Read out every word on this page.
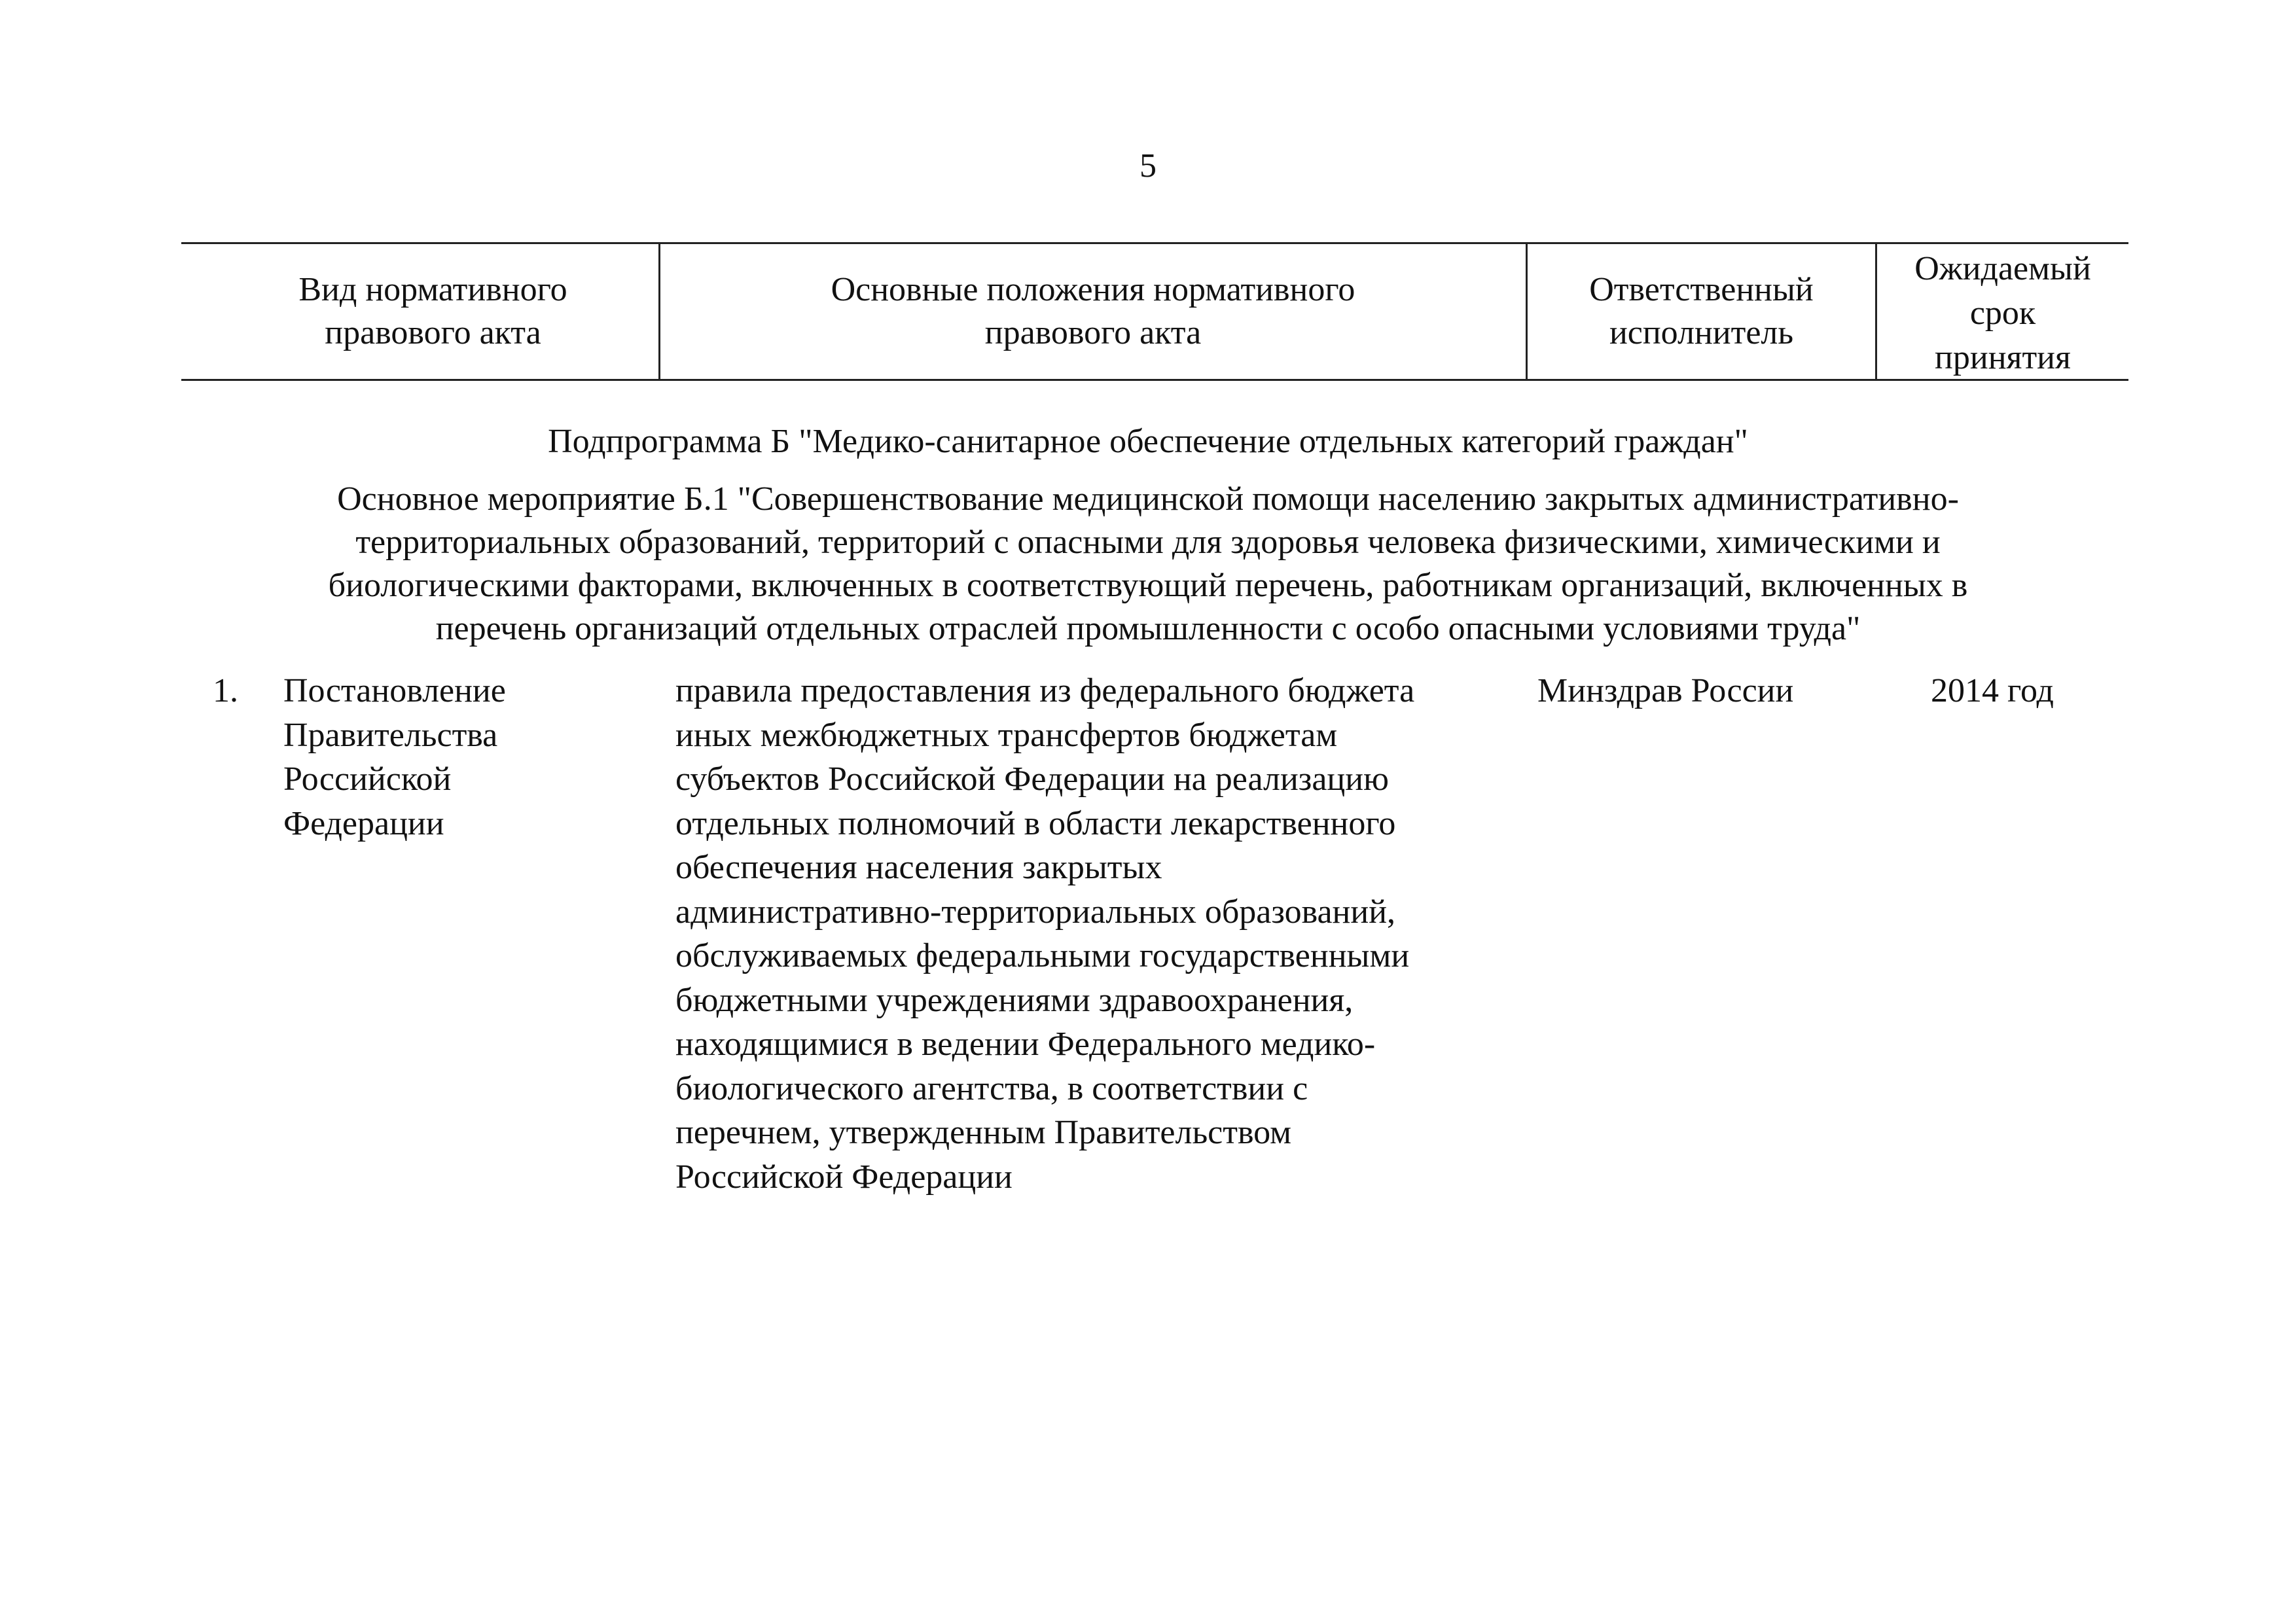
5
Вид нормативного
правового акта
Основные положения нормативного
правового акта
Ответственный
исполнитель
Ожидаемый
срок
принятия
Подпрограмма Б "Медико-санитарное обеспечение отдельных категорий граждан"
Основное мероприятие Б.1 "Совершенствование медицинской помощи населению закрытых административно-
территориальных образований, территорий с опасными для здоровья человека физическими, химическими и
биологическими факторами, включенных в соответствующий перечень, работникам организаций, включенных в
перечень организаций отдельных отраслей промышленности с особо опасными условиями труда"
1. Постановление
Правительства
Российской
Федерации
правила предоставления из федерального бюджета
иных межбюджетных трансфертов бюджетам
субъектов Российской Федерации на реализацию
отдельных полномочий в области лекарственного
обеспечения населения закрытых
административно-территориальных образований,
обслуживаемых федеральными государственными
бюджетными учреждениями здравоохранения,
находящимися в ведении Федерального медико-
биологического агентства, в соответствии с
перечнем, утвержденным Правительством
Российской Федерации
Минздрав России	2014 год
